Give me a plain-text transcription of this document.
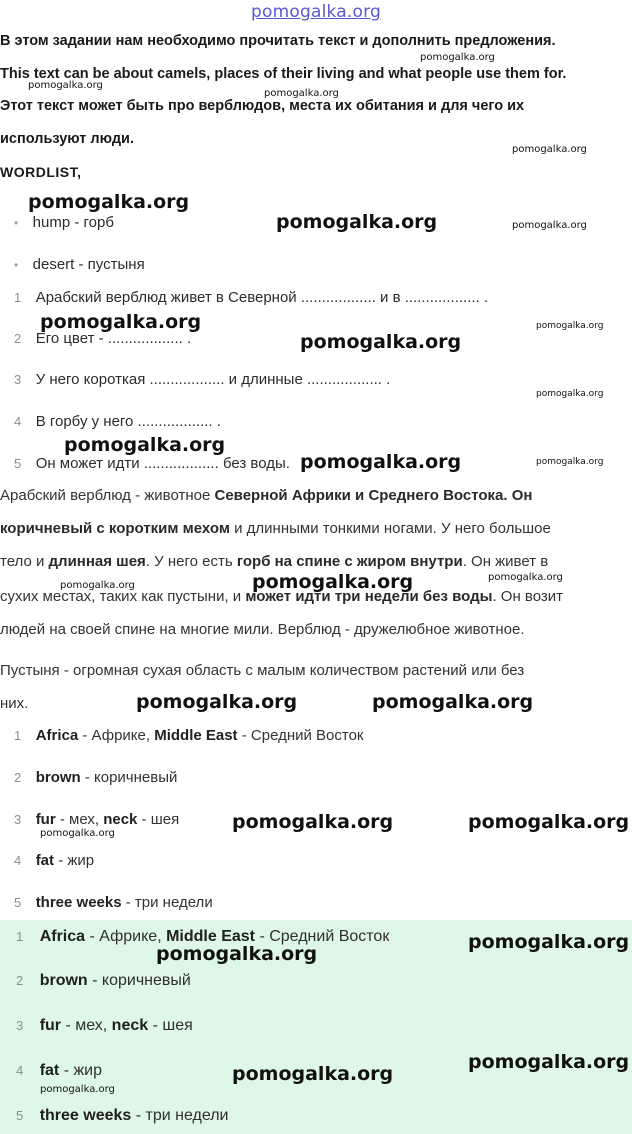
pomogalka.org
В этом задании нам необходимо прочитать текст и дополнить предложения.
This text can be about camels, places of their living and what people use them for.
Этот текст может быть про верблюдов, места их обитания и для чего их
используют люди.
WORDLIST,
• hump - горб
• desert - пустыня
1 Арабский верблюд живет в Северной .................. и в .................. .
2 Его цвет - .................. .
3 У него короткая .................. и длинные .................. .
4 В горбу у него .................. .
5 Он может идти .................. без воды.
Арабский верблюд - животное Северной Африки и Среднего Востока. Он
коричневый с коротким мехом и длинными тонкими ногами. У него большое
тело и длинная шея. У него есть горб на спине с жиром внутри. Он живет в
сухих местах, таких как пустыни, и может идти три недели без воды. Он возит
людей на своей спине на многие мили. Верблюд - дружелюбное животное.
Пустыня - огромная сухая область с малым количеством растений или без
них.
1 Africa - Африке, Middle East - Средний Восток
2 brown - коричневый
3 fur - мех, neck - шея
4 fat - жир
5 three weeks - три недели
1 Africa - Африке, Middle East - Средний Восток
2 brown - коричневый
3 fur - мех, neck - шея
4 fat - жир
5 three weeks - три недели
pomogalka.org
pomogalka.org
pomogalka.org
pomogalka.org
pomogalka.org
pomogalka.org	pomogalka.org
pomogalka.org	pomogalka.org
pomogalka.org
pomogalka.org
pomogalka.org
pomogalka.org	pomogalka.org
pomogalka.org	pomogalka.org
pomogalka.org
pomogalka.org	pomogalka.org
pomogalka.org	pomogalka.org
pomogalka.org
pomogalka.org
pomogalka.org
pomogalka.org
pomogalka.org
pomogalka.org
